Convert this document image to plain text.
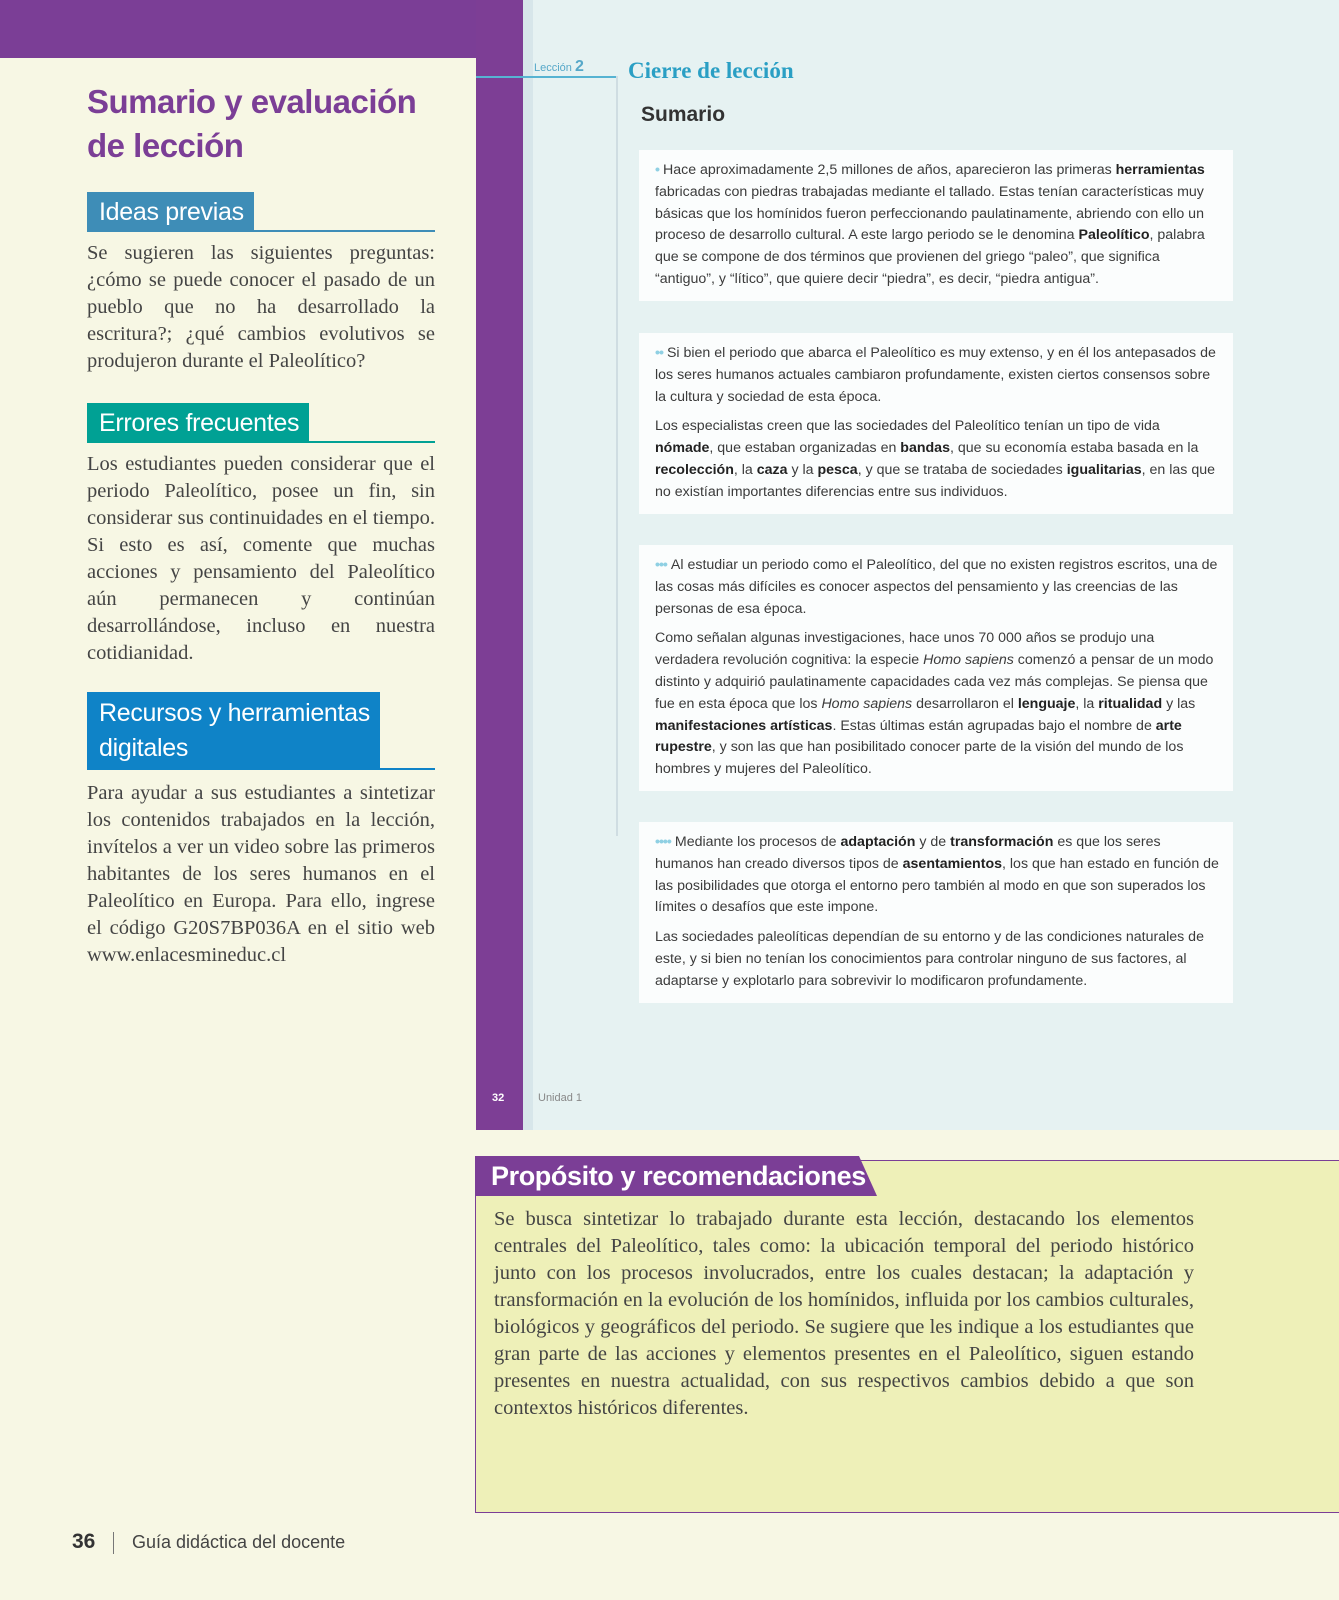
Sumario y evaluación de lección
Ideas previas

Se sugieren las siguientes preguntas: ¿cómo se puede conocer el pasado de un pueblo que no ha desarrollado la escritura?; ¿qué cambios evolutivos se produjeron durante el Paleolítico?

Errores frecuentes

Los estudiantes pueden considerar que el periodo Paleolítico, posee un fin, sin considerar sus continuidades en el tiempo. Si esto es así, comente que muchas acciones y pensamiento del Paleolítico aún permanecen y continúan desarrollándose, incluso en nuestra cotidianidad.

Recursos y herramientas
digitales

Para ayudar a sus estudiantes a sintetizar los contenidos trabajados en la lección, invítelos a ver un video sobre las primeros habitantes de los seres humanos en el Paleolítico en Europa. Para ello, ingrese el código G20S7BP036A en el sitio web www.enlacesmineduc.cl

36 Guía didáctica del docente
Lección 2 Cierre de lección
Sumario

• Hace aproximadamente 2,5 millones de años, aparecieron las primeras herramientas fabricadas con piedras trabajadas mediante el tallado. Estas tenían características muy básicas que los homínidos fueron perfeccionando paulatinamente, abriendo con ello un proceso de desarrollo cultural. A este largo periodo se le denomina Paleolítico, palabra que se compone de dos términos que provienen del griego “paleo”, que significa “antiguo”, y “lítico”, que quiere decir “piedra”, es decir, “piedra antigua”.

•• Si bien el periodo que abarca el Paleolítico es muy extenso, y en él los antepasados de los seres humanos actuales cambiaron profundamente, existen ciertos consensos sobre la cultura y sociedad de esta época.

Los especialistas creen que las sociedades del Paleolítico tenían un tipo de vida nómade, que estaban organizadas en bandas, que su economía estaba basada en la recolección, la caza y la pesca, y que se trataba de sociedades igualitarias, en las que no existían importantes diferencias entre sus individuos.

••• Al estudiar un periodo como el Paleolítico, del que no existen registros escritos, una de las cosas más difíciles es conocer aspectos del pensamiento y las creencias de las personas de esa época.

Como señalan algunas investigaciones, hace unos 70 000 años se produjo una verdadera revolución cognitiva: la especie Homo sapiens comenzó a pensar de un modo distinto y adquirió paulatinamente capacidades cada vez más complejas. Se piensa que fue en esta época que los Homo sapiens desarrollaron el lenguaje, la ritualidad y las manifestaciones artísticas. Estas últimas están agrupadas bajo el nombre de arte rupestre, y son las que han posibilitado conocer parte de la visión del mundo de los hombres y mujeres del Paleolítico.

•••• Mediante los procesos de adaptación y de transformación es que los seres humanos han creado diversos tipos de asentamientos, los que han estado en función de las posibilidades que otorga el entorno pero también al modo en que son superados los límites o desafíos que este impone.

Las sociedades paleolíticas dependían de su entorno y de las condiciones naturales de este, y si bien no tenían los conocimientos para controlar ninguno de sus factores, al adaptarse y explotarlo para sobrevivir lo modificaron profundamente.

32	Unidad 1
Propósito y recomendaciones

Se busca sintetizar lo trabajado durante esta lección, destacando los elementos centrales del Paleolítico, tales como: la ubicación temporal del periodo histórico junto con los procesos involucrados, entre los cuales destacan; la adaptación y transformación en la evolución de los homínidos, influida por los cambios culturales, biológicos y geográficos del periodo. Se sugiere que les indique a los estudiantes que gran parte de las acciones y elementos presentes en el Paleolítico, siguen estando presentes en nuestra actualidad, con sus respectivos cambios debido a que son contextos históricos diferentes.
